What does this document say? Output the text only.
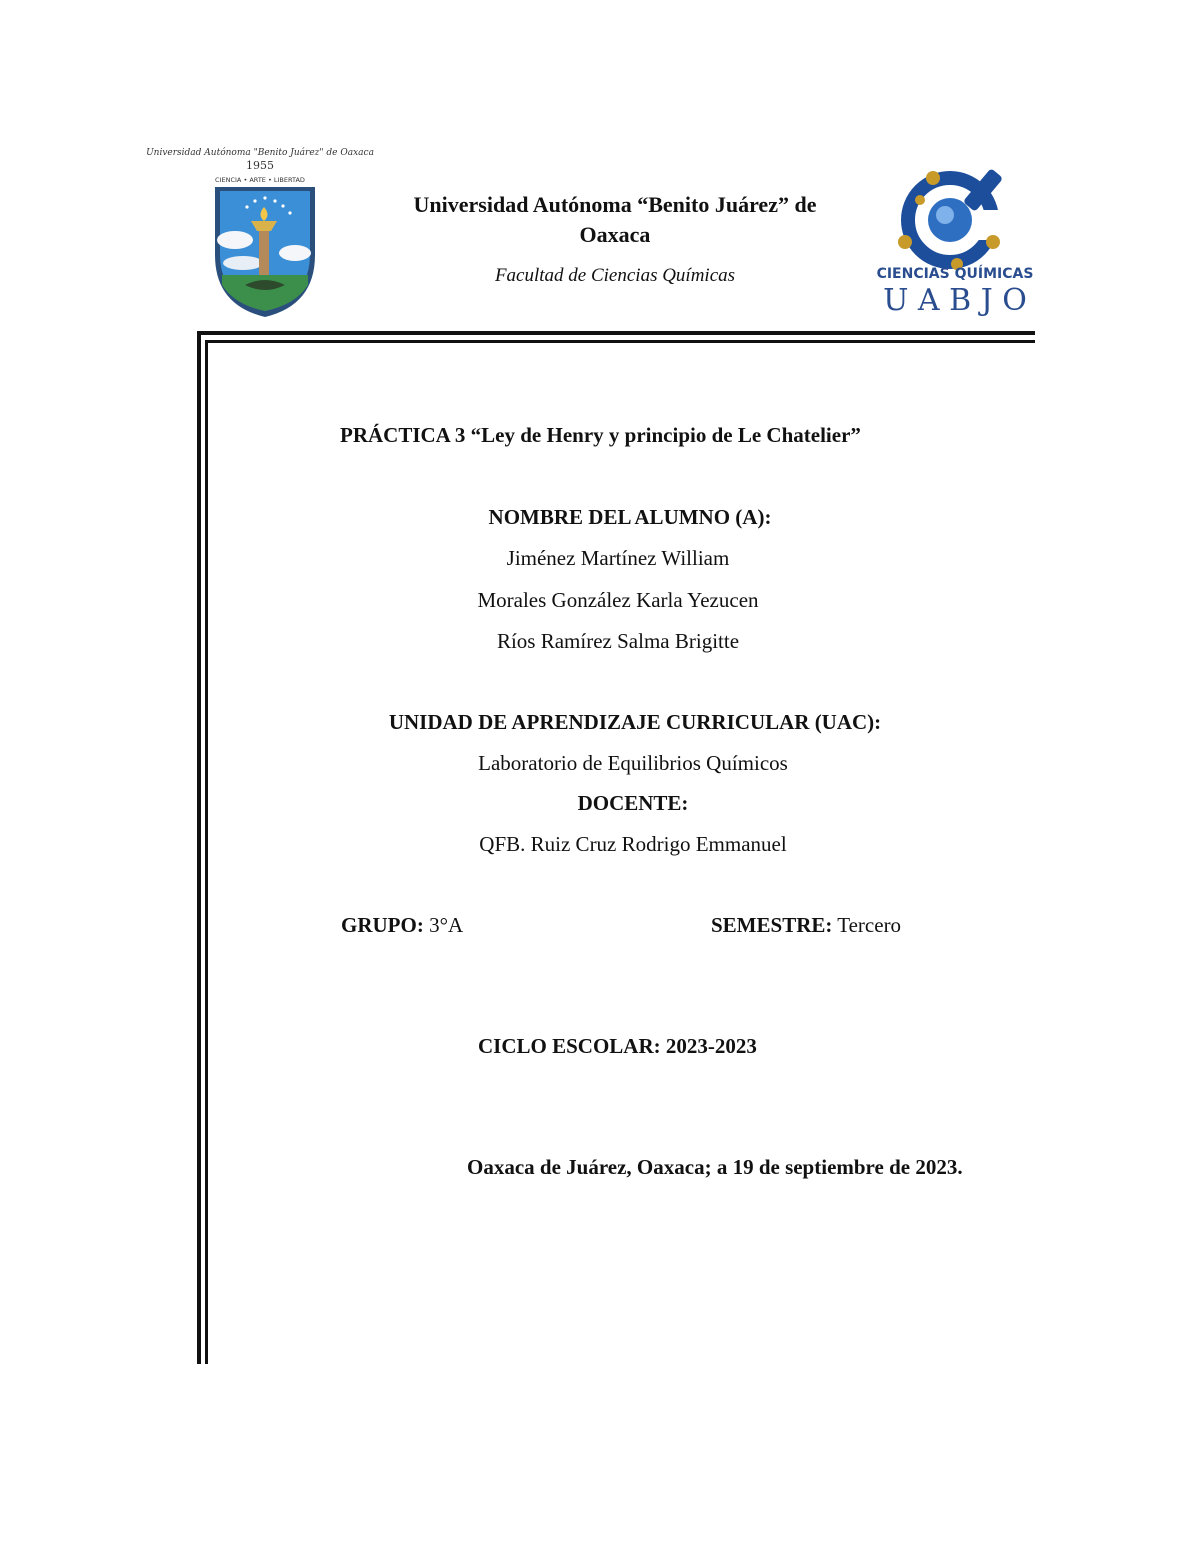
Universidad Autónoma "Benito Juárez" de Oaxaca
1955
CIENCIA • ARTE • LIBERTAD
Universidad Autónoma “Benito Juárez” de
Oaxaca
Facultad de Ciencias Químicas	CIENCIAS QUÍMICAS
U A B J O
PRÁCTICA 3 “Ley de Henry y principio de Le Chatelier”
NOMBRE DEL ALUMNO (A):
Jiménez Martínez William
Morales González Karla Yezucen
Ríos Ramírez Salma Brigitte
UNIDAD DE APRENDIZAJE CURRICULAR (UAC):
Laboratorio de Equilibrios Químicos
DOCENTE:
QFB. Ruiz Cruz Rodrigo Emmanuel
GRUPO: 3°A	SEMESTRE: Tercero
CICLO ESCOLAR: 2023-2023
Oaxaca de Juárez, Oaxaca; a 19 de septiembre de 2023.
